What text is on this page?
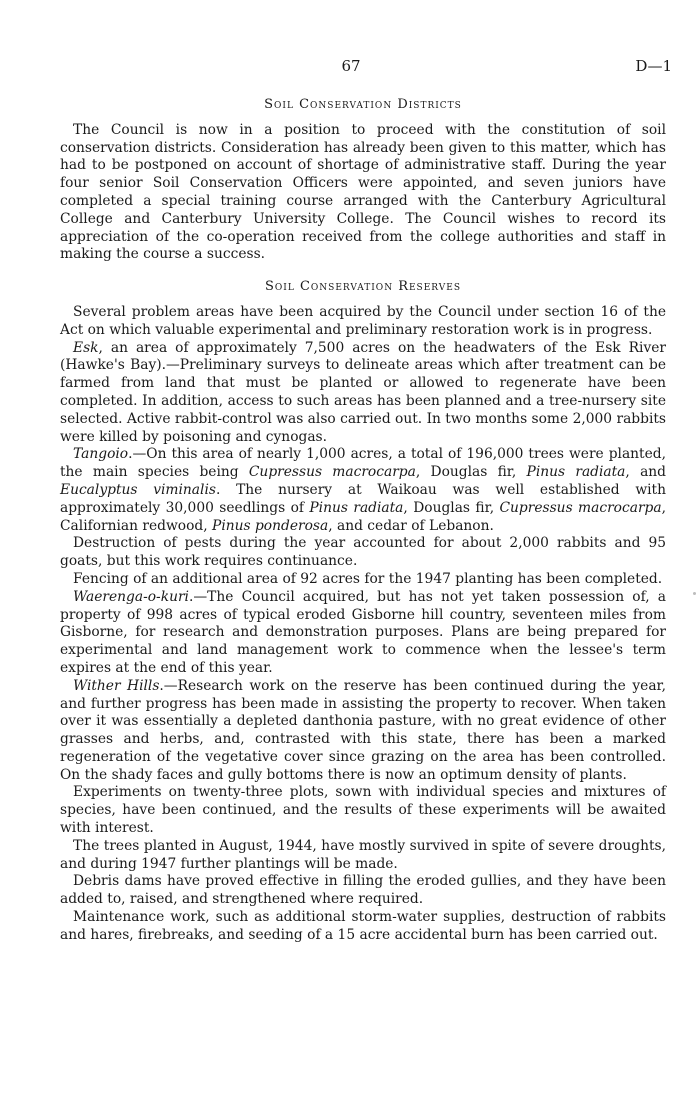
67	D—1
Soil Conservation Districts

The Council is now in a position to proceed with the constitution of soil conservation districts. Consideration has already been given to this matter, which has had to be postponed on account of shortage of administrative staff. During the year four senior Soil Conservation Officers were appointed, and seven juniors have completed a special training course arranged with the Canterbury Agricultural College and Canterbury University College. The Council wishes to record its appreciation of the co-operation received from the college authorities and staff in making the course a success.

Soil Conservation Reserves

Several problem areas have been acquired by the Council under section 16 of the Act on which valuable experimental and preliminary restoration work is in progress.

Esk, an area of approximately 7,500 acres on the headwaters of the Esk River (Hawke's Bay).—Preliminary surveys to delineate areas which after treatment can be farmed from land that must be planted or allowed to regenerate have been completed. In addition, access to such areas has been planned and a tree-nursery site selected. Active rabbit-control was also carried out. In two months some 2,000 rabbits were killed by poisoning and cynogas.

Tangoio.—On this area of nearly 1,000 acres, a total of 196,000 trees were planted, the main species being Cupressus macrocarpa, Douglas fir, Pinus radiata, and Eucalyptus viminalis. The nursery at Waikoau was well established with approximately 30,000 seedlings of Pinus radiata, Douglas fir, Cupressus macrocarpa, Californian redwood, Pinus ponderosa, and cedar of Lebanon.

Destruction of pests during the year accounted for about 2,000 rabbits and 95 goats, but this work requires continuance.

Fencing of an additional area of 92 acres for the 1947 planting has been completed.

Waerenga-o-kuri.—The Council acquired, but has not yet taken possession of, a property of 998 acres of typical eroded Gisborne hill country, seventeen miles from Gisborne, for research and demonstration purposes. Plans are being prepared for experimental and land management work to commence when the lessee's term expires at the end of this year.

Wither Hills.—Research work on the reserve has been continued during the year, and further progress has been made in assisting the property to recover. When taken over it was essentially a depleted danthonia pasture, with no great evidence of other grasses and herbs, and, contrasted with this state, there has been a marked regeneration of the vegetative cover since grazing on the area has been controlled. On the shady faces and gully bottoms there is now an optimum density of plants.

Experiments on twenty-three plots, sown with individual species and mixtures of species, have been continued, and the results of these experiments will be awaited with interest.

The trees planted in August, 1944, have mostly survived in spite of severe droughts, and during 1947 further plantings will be made.

Debris dams have proved effective in filling the eroded gullies, and they have been added to, raised, and strengthened where required.

Maintenance work, such as additional storm-water supplies, destruction of rabbits and hares, firebreaks, and seeding of a 15 acre accidental burn has been carried out.
